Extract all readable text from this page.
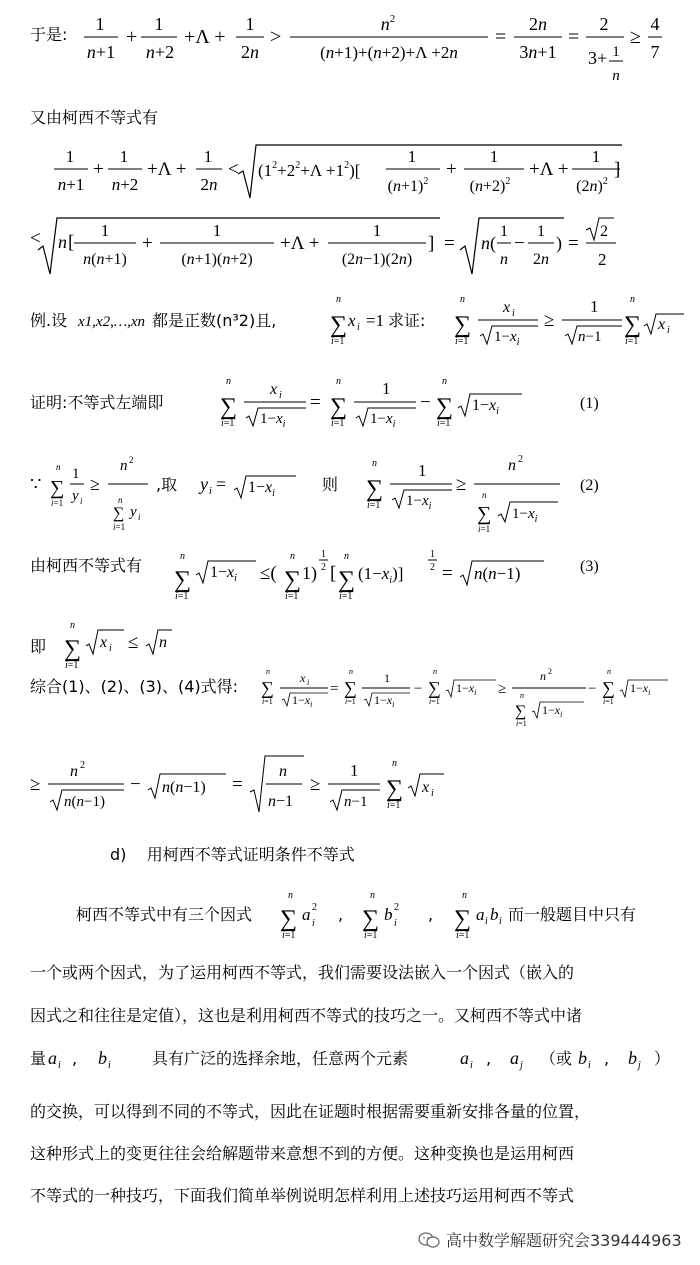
于是:
1
n+1
+
1
n+2
+Λ +
1
2n
>
$n^2$
(n+1)+(n+2)+Λ +2n
=
2n
3n+1
=
2
3+ 1
n
≥
4
7
又由柯西不等式有
1
n+1
+
1
n+2
+Λ +
1
2n
< $(1^2+2^2+\Lambda +1^2)$[
1
$(n+1)^2$
+
1
$(n+2)^2$
+Λ +
1
$(2n)^2$
]
< n [
1
n(n+1)
+
1
(n+1)(n+2)
+Λ +
1
(2n−1)(2n)
] = n(
1
n
−
1
2n
) =
2
2
例.设 x1,x2,…,xn 都是正数(n³2)且,
n
∑
i=1
x i =1 求证:
n
∑
i=1
x i
$1-x_i$
≥
1
n−1
n
∑
i=1
x i
证明:不等式左端即
n
∑
i=1
x i
$1-x_i$
=
n
∑
i=1
1
$1-x_i$
−
n
∑
i=1
$1-x_i$	(1)
∵
n
∑
i=1
1
y i
≥
n 2
n
∑
i=1
y i
,取 y $i = 1-x_i$	则
n
∑
i=1
1
$1-x_i$
≥
n 2
n
∑
i=1
$1-x_i$
(2)
由柯西不等式有	n
∑
i=1
$1-x_i$ ≤(
n
∑
i=1
1)
1
2 [
n
∑
i=1
$(1-x_i)$]
1
2 = n(n−1)	(3)
即
n
∑
i=1
x i ≤ n
综合(1)、(2)、(3)、(4)式得:
n
∑
i=1
x i
$1-x_i$
=
n
∑
i=1
1
$1-x_i$
−
n
∑
i=1
$1-x_i$ ≥
n 2
n
∑
i=1
$1-x_i$
−
n
∑
i=1
$1-x_i$
≥
n 2
n(n−1)
− n(n−1) =
n
n−1
≥
1
n−1
n
∑
i=1
x i
d) 用柯西不等式证明条件不等式
柯西不等式中有三个因式
n
∑
i=1
a 2
i ,
n
∑
i=1
b 2
i ,
n
∑
i=1
a i b i 而一般题目中只有
一个或两个因式，为了运用柯西不等式，我们需要设法嵌入一个因式（嵌入的
因式之和往往是定值），这也是利用柯西不等式的技巧之一。又柯西不等式中诸
量 a i , b i	具有广泛的选择余地，任意两个元素	a i , a j （或 b i , b j ）
的交换，可以得到不同的不等式，因此在证题时根据需要重新安排各量的位置，
这种形式上的变更往往会给解题带来意想不到的方便。这种变换也是运用柯西
不等式的一种技巧，下面我们简单举例说明怎样利用上述技巧运用柯西不等式
高中数学解题研究会339444963
